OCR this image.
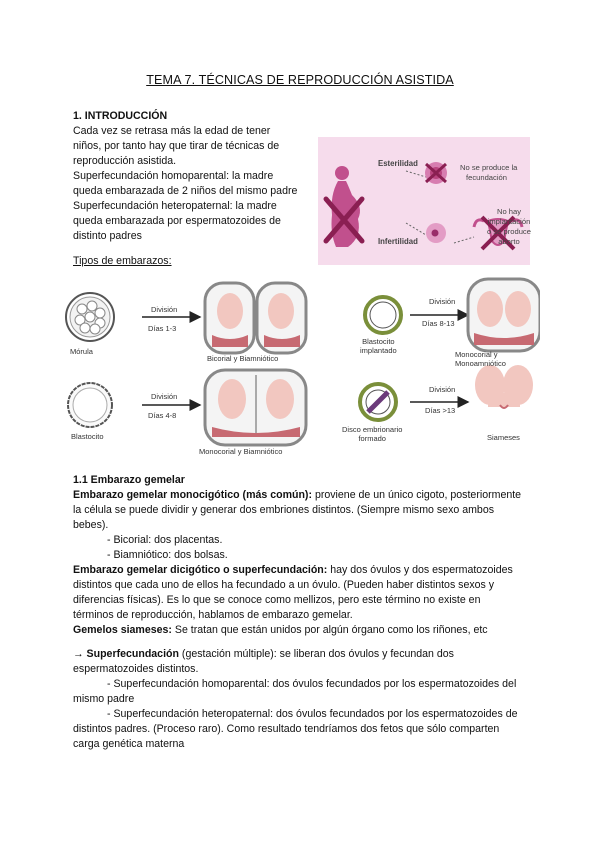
TEMA 7. TÉCNICAS DE REPRODUCCIÓN ASISTIDA
1. INTRODUCCIÓN
Cada vez se retrasa más la edad de tener
niños, por tanto hay que tirar de técnicas de
reproducción asistida.
Superfecundación homoparental: la madre
queda embarazada de 2 niños del mismo padre
Superfecundación heteropaternal: la madre
queda embarazada por espermatozoides de
distinto padres
Esterilidad
Infertilidad
No se produce la
fecundación
No hay
implantación
o se produce
aborto
Tipos de embarazos:
Mórula
División
Días 1-3
Bicorial y Biamniótico
Blastocito
División
Días 4-8
Monocorial y Biamniótico
Blastocito
implantado
División
Días 8-13
Monocorial y Monoamniótico
Disco embrionario
formado
División
Días >13
Siameses
1.1 Embarazo gemelar
Embarazo gemelar monocigótico (más común): proviene de un único cigoto, posteriormente
la célula se puede dividir y generar dos embriones distintos. (Siempre mismo sexo ambos
bebes).
- Bicorial: dos placentas.
- Biamniótico: dos bolsas.
Embarazo gemelar dicigótico o superfecundación: hay dos óvulos y dos espermatozoides
distintos que cada uno de ellos ha fecundado a un óvulo. (Pueden haber distintos sexos y
diferencias físicas). Es lo que se conoce como mellizos, pero este término no existe en
términos de reproducción, hablamos de embarazo gemelar.
Gemelos siameses: Se tratan que están unidos por algún órgano como los riñones, etc
→ Superfecundación (gestación múltiple): se liberan dos óvulos y fecundan dos
espermatozoides distintos.
- Superfecundación homoparental: dos óvulos fecundados por los espermatozoides del
mismo padre
- Superfecundación heteropaternal: dos óvulos fecundados por los espermatozoides de
distintos padres. (Proceso raro). Como resultado tendríamos dos fetos que sólo comparten
carga genética materna
